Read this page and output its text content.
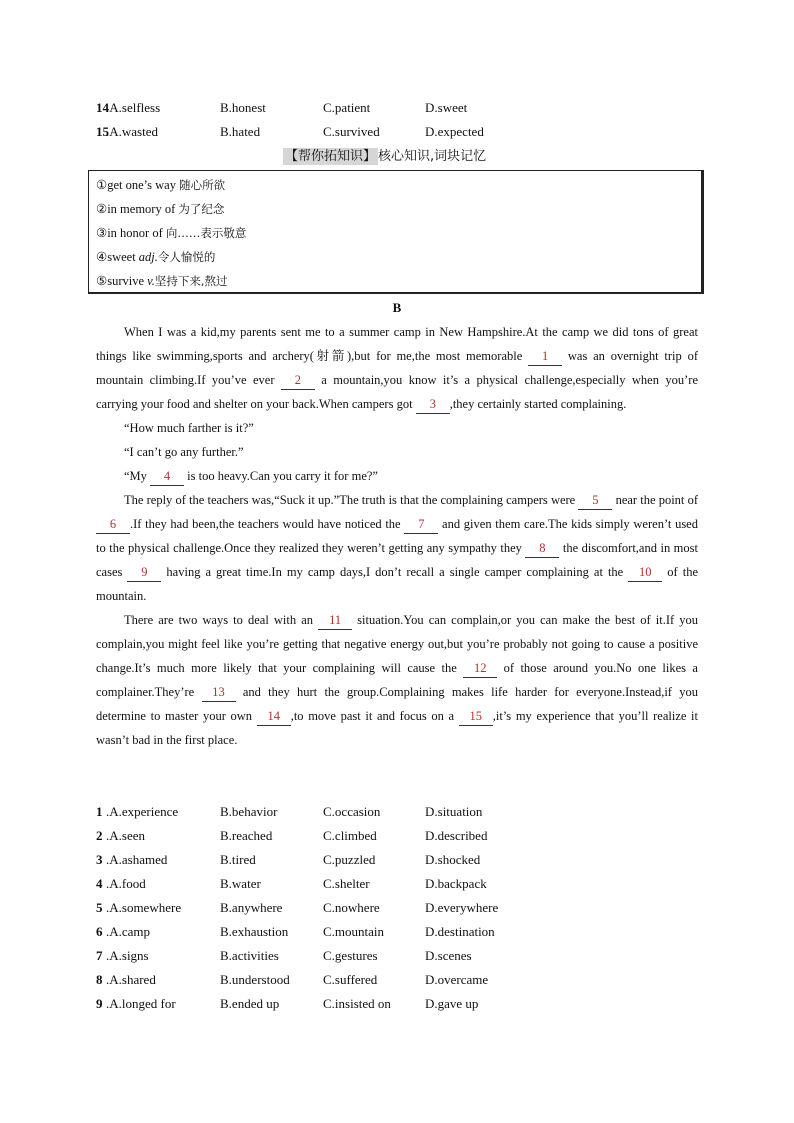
14
.A.selfless	B.honest	C.patient	D.sweet
15
.A.wasted	B.hated	C.survived	D.expected
【帮你拓知识】 核心知识,词块记忆
①get one’s way 随心所欲
②in memory of 为了纪念
③in honor of 向……表示敬意
④sweet adj.令人愉悦的
⑤survive v.坚持下来,熬过
B

When I was a kid,my parents sent me to a summer camp in New Hampshire.At the camp we did tons of great things like swimming,sports and archery(射箭),but for me,the most memorable 1 was an overnight trip of mountain climbing.If you’ve ever 2 a mountain,you know it’s a physical challenge,especially when you’re carrying your food and shelter on your back.When campers got 3 ,they certainly started complaining.

“How much farther is it?”

“I can’t go any further.”

“My 4 is too heavy.Can you carry it for me?”

The reply of the teachers was,“Suck it up.”The truth is that the complaining campers were 5 near the point of 6 .If they had been,the teachers would have noticed the 7 and given them care.The kids simply weren’t used to the physical challenge.Once they realized they weren’t getting any sympathy they 8 the discomfort,and in most cases 9 having a great time.In my camp days,I don’t recall a single camper complaining at the 10 of the mountain.

There are two ways to deal with an 11 situation.You can complain,or you can make the best of it.If you complain,you might feel like you’re getting that negative energy out,but you’re probably not going to cause a positive change.It’s much more likely that your complaining will cause the 12 of those around you.No one likes a complainer.They’re 13 and they hurt the group.Complaining makes life harder for everyone.Instead,if you determine to master your own 14 ,to move past it and focus on a 15 ,it’s my experience that you’ll realize it wasn’t bad in the first place.

1 .A.experience	B.behavior	C.occasion	D.situation
2 .A.seen	B.reached	C.climbed	D.described
3 .A.ashamed	B.tired	C.puzzled	D.shocked
4 .A.food	B.water	C.shelter	D.backpack
5 .A.somewhere	B.anywhere	C.nowhere	D.everywhere
6 .A.camp	B.exhaustion	C.mountain	D.destination
7 .A.signs	B.activities	C.gestures	D.scenes
8 .A.shared	B.understood	C.suffered	D.overcame
9 .A.longed for	B.ended up	C.insisted on	D.gave up
